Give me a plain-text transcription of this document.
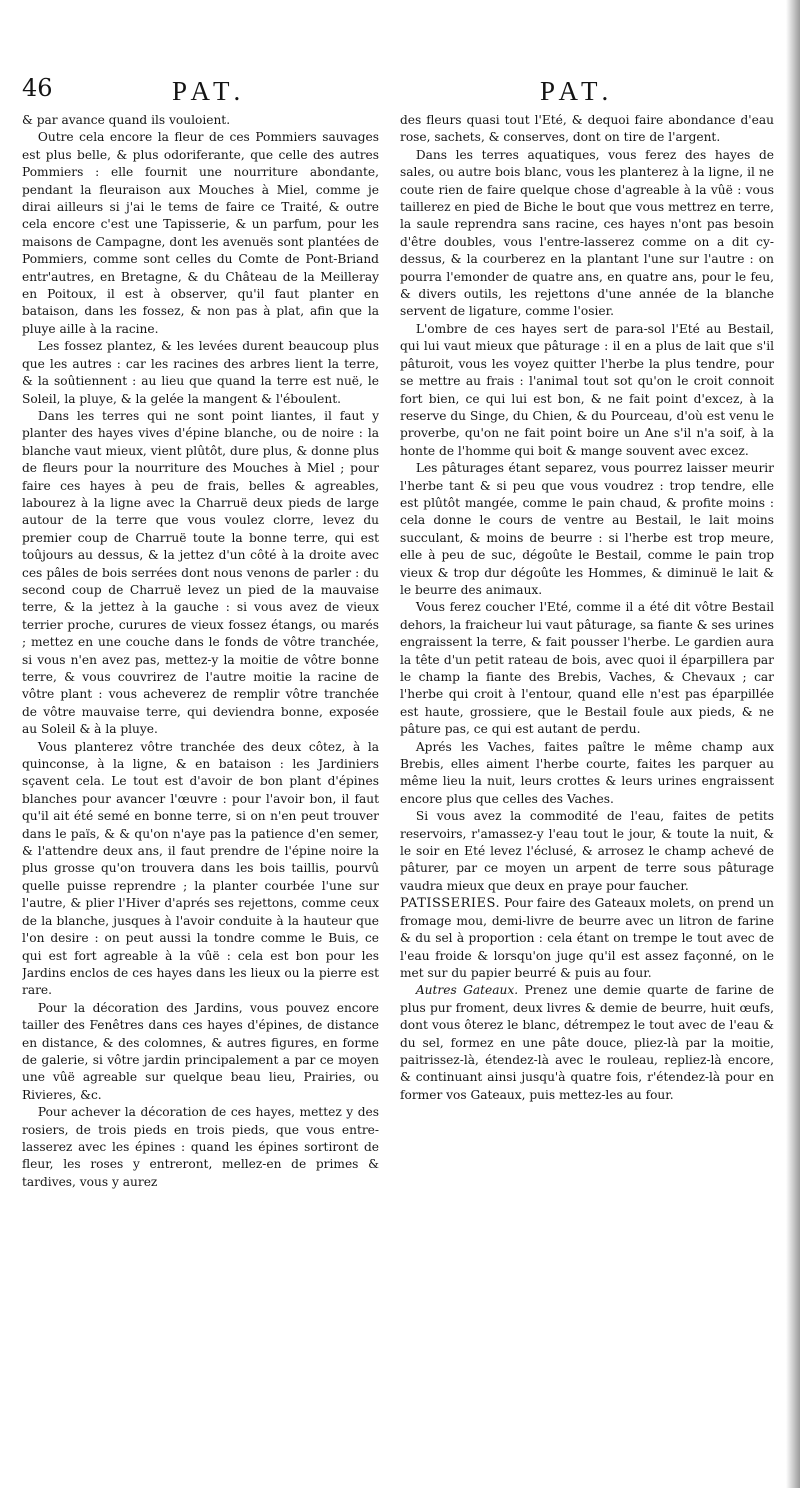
46	PAT.	PAT.

& par avance quand ils vouloient.

Outre cela encore la fleur de ces Pommiers sauvages est plus belle, & plus odoriferante, que celle des autres Pommiers : elle fournit une nourriture abondante, pendant la fleuraison aux Mouches à Miel, comme je dirai ailleurs si j'ai le tems de faire ce Traité, & outre cela encore c'est une Tapisserie, & un parfum, pour les maisons de Campagne, dont les avenuës sont plantées de Pommiers, comme sont celles du Comte de Pont-Briand entr'autres, en Bretagne, & du Château de la Meilleray en Poitoux, il est à observer, qu'il faut planter en bataison, dans les fossez, & non pas à plat, afin que la pluye aille à la racine.

Les fossez plantez, & les levées durent beaucoup plus que les autres : car les racines des arbres lient la terre, & la soûtiennent : au lieu que quand la terre est nuë, le Soleil, la pluye, & la gelée la mangent & l'éboulent.

Dans les terres qui ne sont point liantes, il faut y planter des hayes vives d'épine blanche, ou de noire : la blanche vaut mieux, vient plûtôt, dure plus, & donne plus de fleurs pour la nourriture des Mouches à Miel ; pour faire ces hayes à peu de frais, belles & agreables, labourez à la ligne avec la Charruë deux pieds de large autour de la terre que vous voulez clorre, levez du premier coup de Charruë toute la bonne terre, qui est toûjours au dessus, & la jettez d'un côté à la droite avec ces pâles de bois serrées dont nous venons de parler : du second coup de Charruë levez un pied de la mauvaise terre, & la jettez à la gauche : si vous avez de vieux terrier proche, curures de vieux fossez étangs, ou marés ; mettez en une couche dans le fonds de vôtre tranchée, si vous n'en avez pas, mettez-y la moitie de vôtre bonne terre, & vous couvrirez de l'autre moitie la racine de vôtre plant : vous acheverez de remplir vôtre tranchée de vôtre mauvaise terre, qui deviendra bonne, exposée au Soleil & à la pluye.

Vous planterez vôtre tranchée des deux côtez, à la quinconse, à la ligne, & en bataison : les Jardiniers sçavent cela. Le tout est d'avoir de bon plant d'épines blanches pour avancer l'œuvre : pour l'avoir bon, il faut qu'il ait été semé en bonne terre, si on n'en peut trouver dans le païs, & & qu'on n'aye pas la patience d'en semer, & l'attendre deux ans, il faut prendre de l'épine noire la plus grosse qu'on trouvera dans les bois taillis, pourvû quelle puisse reprendre ; la planter courbée l'une sur l'autre, & plier l'Hiver d'aprés ses rejettons, comme ceux de la blanche, jusques à l'avoir conduite à la hauteur que l'on desire : on peut aussi la tondre comme le Buis, ce qui est fort agreable à la vûë : cela est bon pour les Jardins enclos de ces hayes dans les lieux ou la pierre est rare.

Pour la décoration des Jardins, vous pouvez encore tailler des Fenêtres dans ces hayes d'épines, de distance en distance, & des colomnes, & autres figures, en forme de galerie, si vôtre jardin principalement a par ce moyen une vûë agreable sur quelque beau lieu, Prairies, ou Rivieres, &c.

Pour achever la décoration de ces hayes, mettez y des rosiers, de trois pieds en trois pieds, que vous entre-lasserez avec les épines : quand les épines sortiront de fleur, les roses y entreront, mellez-en de primes & tardives, vous y aurez

des fleurs quasi tout l'Eté, & dequoi faire abondance d'eau rose, sachets, & conserves, dont on tire de l'argent.

Dans les terres aquatiques, vous ferez des hayes de sales, ou autre bois blanc, vous les planterez à la ligne, il ne coute rien de faire quelque chose d'agreable à la vûë : vous taillerez en pied de Biche le bout que vous mettrez en terre, la saule reprendra sans racine, ces hayes n'ont pas besoin d'être doubles, vous l'entre-lasserez comme on a dit cy-dessus, & la courberez en la plantant l'une sur l'autre : on pourra l'emonder de quatre ans, en quatre ans, pour le feu, & divers outils, les rejettons d'une année de la blanche servent de ligature, comme l'osier.

L'ombre de ces hayes sert de para-sol l'Eté au Bestail, qui lui vaut mieux que pâturage : il en a plus de lait que s'il pâturoit, vous les voyez quitter l'herbe la plus tendre, pour se mettre au frais : l'animal tout sot qu'on le croit connoit fort bien, ce qui lui est bon, & ne fait point d'excez, à la reserve du Singe, du Chien, & du Pourceau, d'où est venu le proverbe, qu'on ne fait point boire un Ane s'il n'a soif, à la honte de l'homme qui boit & mange souvent avec excez.

Les pâturages étant separez, vous pourrez laisser meurir l'herbe tant & si peu que vous voudrez : trop tendre, elle est plûtôt mangée, comme le pain chaud, & profite moins : cela donne le cours de ventre au Bestail, le lait moins succulant, & moins de beurre : si l'herbe est trop meure, elle à peu de suc, dégoûte le Bestail, comme le pain trop vieux & trop dur dégoûte les Hommes, & diminuë le lait & le beurre des animaux.

Vous ferez coucher l'Eté, comme il a été dit vôtre Bestail dehors, la fraicheur lui vaut pâturage, sa fiante & ses urines engraissent la terre, & fait pousser l'herbe. Le gardien aura la tête d'un petit rateau de bois, avec quoi il éparpillera par le champ la fiante des Brebis, Vaches, & Chevaux ; car l'herbe qui croit à l'entour, quand elle n'est pas éparpillée est haute, grossiere, que le Bestail foule aux pieds, & ne pâture pas, ce qui est autant de perdu.

Aprés les Vaches, faites paître le même champ aux Brebis, elles aiment l'herbe courte, faites les parquer au même lieu la nuit, leurs crottes & leurs urines engraissent encore plus que celles des Vaches.

Si vous avez la commodité de l'eau, faites de petits reservoirs, r'amassez-y l'eau tout le jour, & toute la nuit, & le soir en Eté levez l'éclusé, & arrosez le champ achevé de pâturer, par ce moyen un arpent de terre sous pâturage vaudra mieux que deux en praye pour faucher.

PATISSERIES. Pour faire des Gateaux molets, on prend un fromage mou, demi-livre de beurre avec un litron de farine & du sel à proportion : cela étant on trempe le tout avec de l'eau froide & lorsqu'on juge qu'il est assez façonné, on le met sur du papier beurré & puis au four.

Autres Gateaux. Prenez une demie quarte de farine de plus pur froment, deux livres & demie de beurre, huit œufs, dont vous ôterez le blanc, détrempez le tout avec de l'eau & du sel, formez en une pâte douce, pliez-là par la moitie, paitrissez-là, étendez-là avec le rouleau, repliez-là encore, & continuant ainsi jusqu'à quatre fois, r'étendez-là pour en former vos Gateaux, puis mettez-les au four.
